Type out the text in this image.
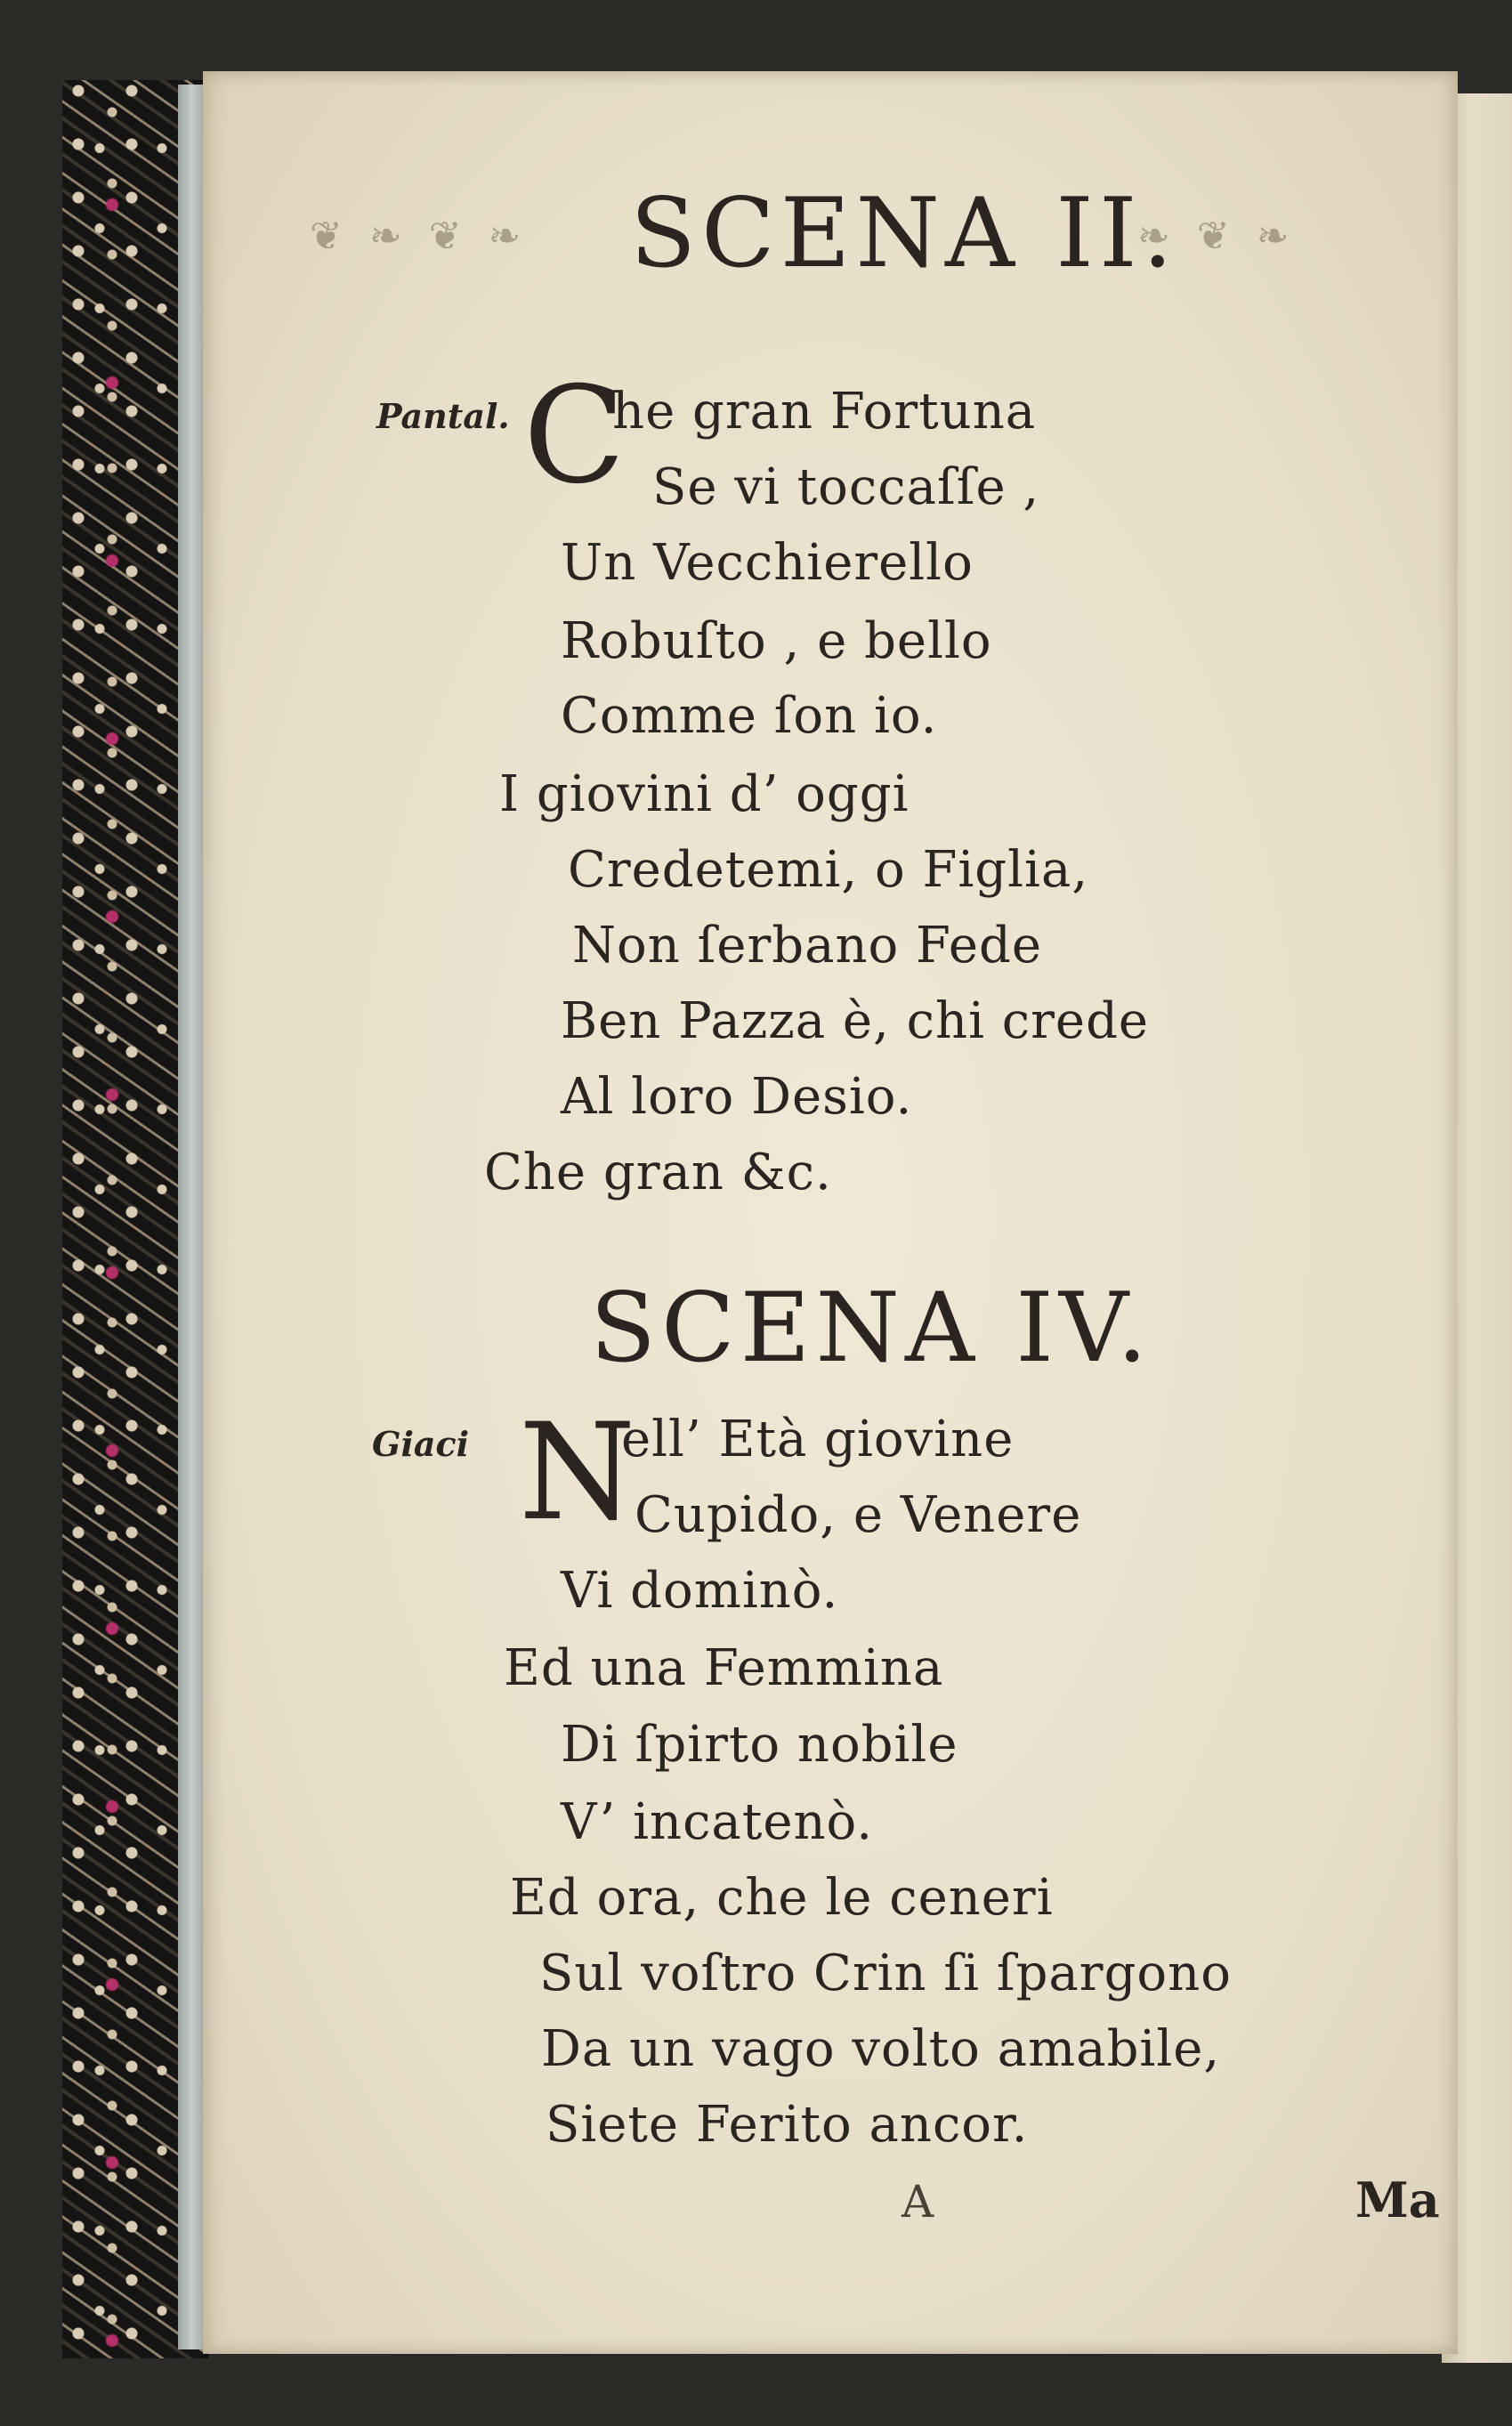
❦ ❧ ❦ ❧	❧ ❦ ❧
SCENA II.
Pantal. C
he gran Fortuna
Se vi toccaſſe ,
Un Vecchierello
Robuſto , e bello
Comme ſon io.
I giovini d’ oggi
Credetemi, o Figlia,
Non ſerbano Fede
Ben Pazza è, chi crede
Al loro Desio.
Che gran &c.
SCENA IV.
Giaci N
ell’ Età giovine
Cupido, e Venere
Vi dominò.
Ed una Femmina
Di ſpirto nobile
V’ incatenò.
Ed ora, che le ceneri
Sul voſtro Crin ſi ſpargono
Da un vago volto amabile,
Siete Ferito ancor.
A	Ma
